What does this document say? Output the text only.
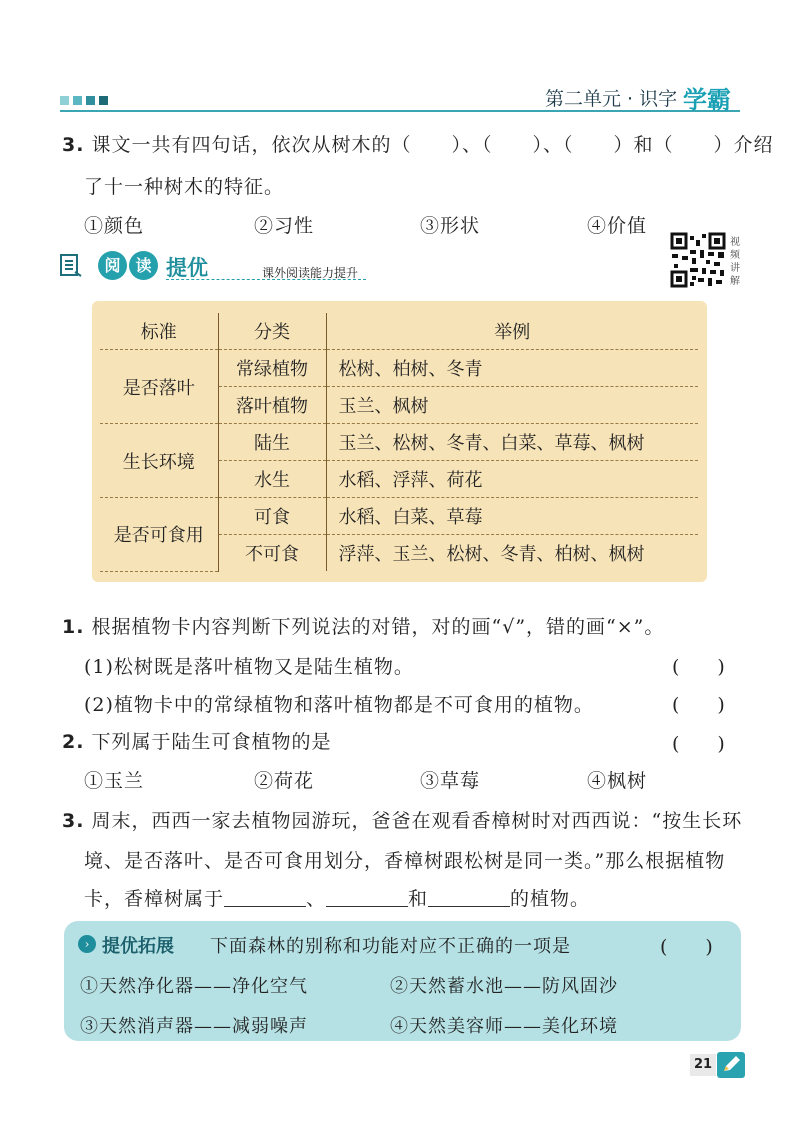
第二单元 · 识字 学霸
3. 课文一共有四句话，依次从树木的（　　）、（　　）、（　　）和（　　）介绍
了十一种树木的特征。
①颜色	②习性	③形状	④价值
阅 读 提优	课外阅读能力提升
视频讲解
标准	分类	举例
是否落叶	常绿植物	松树、柏树、冬青
	落叶植物	玉兰、枫树
生长环境	陆生	玉兰、松树、冬青、白菜、草莓、枫树
	水生	水稻、浮萍、荷花
是否可食用	可食	水稻、白菜、草莓
	不可食	浮萍、玉兰、松树、冬青、柏树、枫树
1. 根据植物卡内容判断下列说法的对错，对的画“√”，错的画“×”。
(1)松树既是落叶植物又是陆生植物。	(　　)
(2)植物卡中的常绿植物和落叶植物都是不可食用的植物。	(　　)
2. 下列属于陆生可食植物的是	(　　)
①玉兰	②荷花	③草莓	④枫树
3. 周末，西西一家去植物园游玩，爸爸在观看香樟树时对西西说：“按生长环
境、是否落叶、是否可食用划分，香樟树跟松树是同一类。”那么根据植物
卡，香樟树属于	、	和	的植物。
› 提优拓展 下面森林的别称和功能对应不正确的一项是	(　　)
①天然净化器——净化空气	②天然蓄水池——防风固沙
③天然消声器——减弱噪声	④天然美容师——美化环境
21
